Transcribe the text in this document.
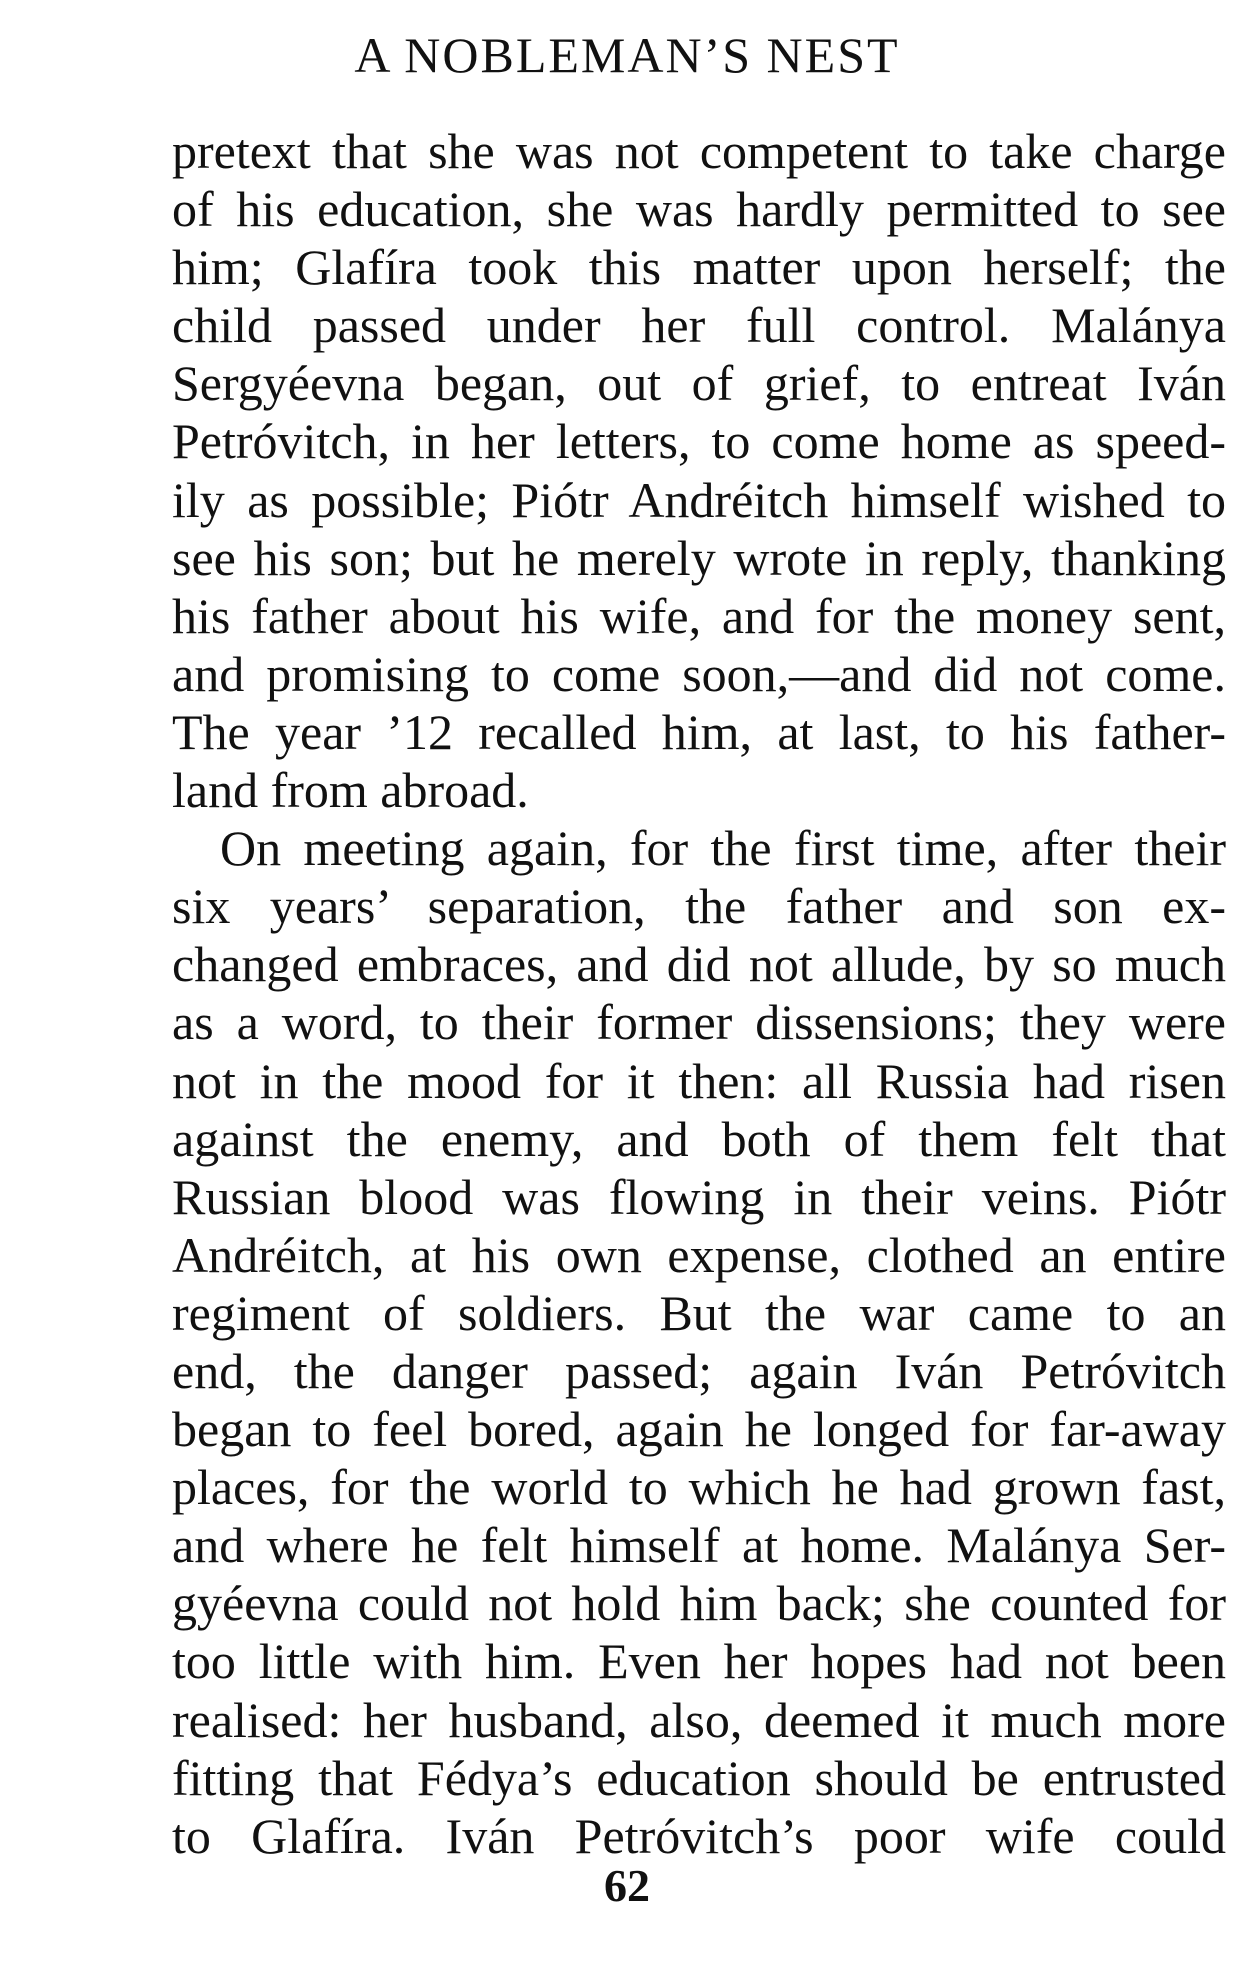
A NOBLEMAN’S NEST
pretext that she was not competent to take charge
of his education, she was hardly permitted to see
him; Glafíra took this matter upon herself; the
child passed under her full control. Malánya
Sergyéevna began, out of grief, to entreat Iván
Petróvitch, in her letters, to come home as speed-
ily as possible; Piótr Andréitch himself wished to
see his son; but he merely wrote in reply, thanking
his father about his wife, and for the money sent,
and promising to come soon,—and did not come.
The year ’12 recalled him, at last, to his father-
land from abroad.
On meeting again, for the first time, after their
six years’ separation, the father and son ex-
changed embraces, and did not allude, by so much
as a word, to their former dissensions; they were
not in the mood for it then: all Russia had risen
against the enemy, and both of them felt that
Russian blood was flowing in their veins. Piótr
Andréitch, at his own expense, clothed an entire
regiment of soldiers. But the war came to an
end, the danger passed; again Iván Petróvitch
began to feel bored, again he longed for far-away
places, for the world to which he had grown fast,
and where he felt himself at home. Malánya Ser-
gyéevna could not hold him back; she counted for
too little with him. Even her hopes had not been
realised: her husband, also, deemed it much more
fitting that Fédya’s education should be entrusted
to Glafíra. Iván Petróvitch’s poor wife could
62
